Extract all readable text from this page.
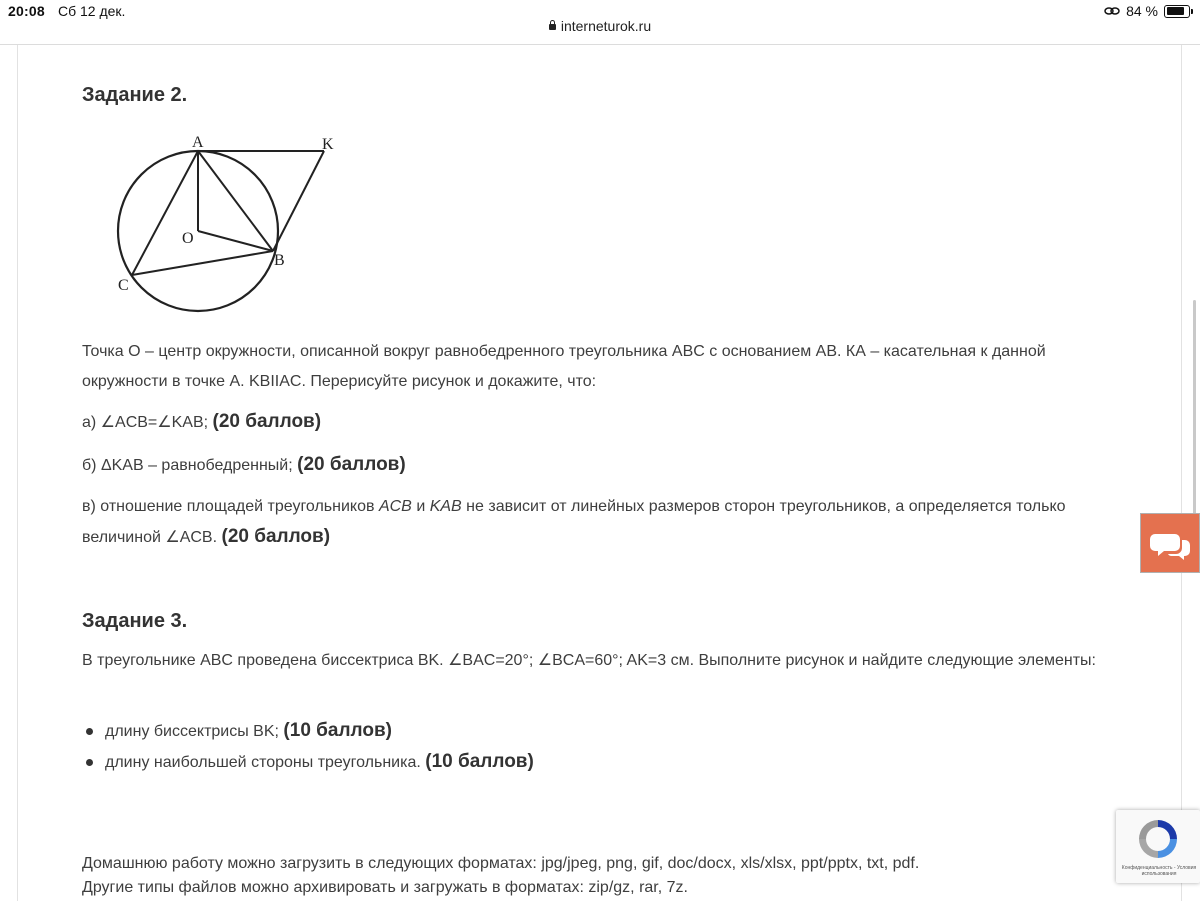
20:08 Сб 12 дек.	84 %
interneturok.ru
Задание 2.
A	K
O
B
C
Точка О – центр окружности, описанной вокруг равнобедренного треугольника ABC с основанием АВ. КА – касательная к данной окружности в точке А. KBIIAC. Перерисуйте рисунок и докажите, что:
а) ∠ACB=∠KAB; (20 баллов)
б) ΔKAB – равнобедренный; (20 баллов)
в) отношение площадей треугольников ACB и KAB не зависит от линейных размеров сторон треугольников, а определяется только величиной ∠ACB. (20 баллов)
Задание 3.
В треугольнике ABC проведена биссектриса BK. ∠BAC=20°; ∠BCA=60°; AK=3 см. Выполните рисунок и найдите следующие элементы:
длину биссектрисы BK; (10 баллов)
длину наибольшей стороны треугольника. (10 баллов)
Домашнюю работу можно загрузить в следующих форматах: jpg/jpeg, png, gif, doc/docx, xls/xlsx, ppt/pptx, txt, pdf.
Другие типы файлов можно архивировать и загружать в форматах: zip/gz, rar, 7z.
Конфиденциальность - Условия использования
